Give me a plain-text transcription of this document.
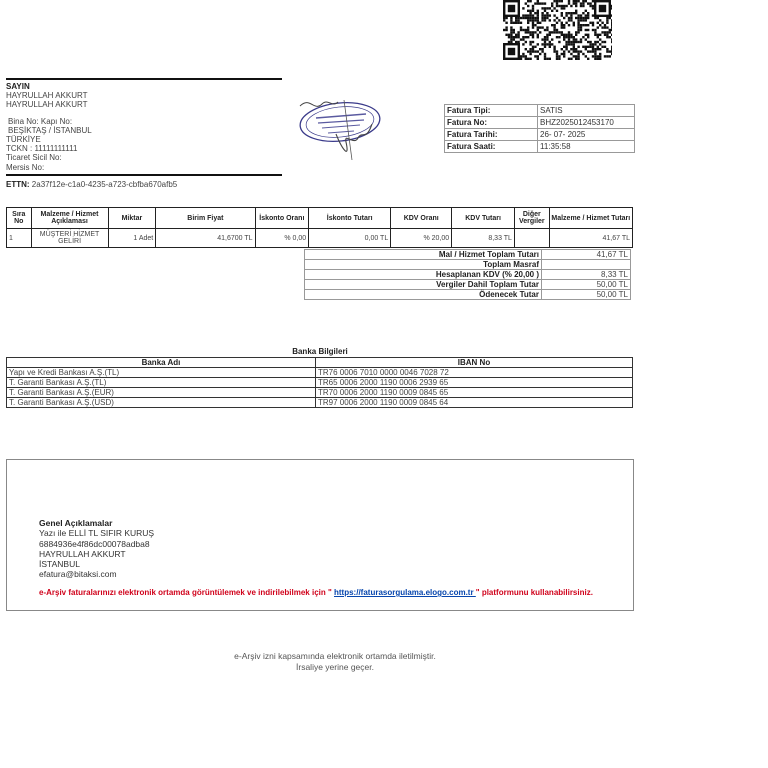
SAYIN
HAYRULLAH AKKURT
HAYRULLAH AKKURT
Bina No: Kapı No:
BEŞİKTAŞ / İSTANBUL
TÜRKİYE
TCKN : 11111111111
Ticaret Sicil No:
Mersis No:
ETTN: 2a37f12e-c1a0-4235-a723-cbfba670afb5
Fatura Tipi:	SATIS
Fatura No:	BHZ2025012453170
Fatura Tarihi:	26- 07- 2025
Fatura Saati:	11:35:58
Sıra No	Malzeme / Hizmet Açıklaması	Miktar	Birim Fiyat	İskonto Oranı	İskonto Tutarı	KDV Oranı	KDV Tutarı	Diğer Vergiler	Malzeme / Hizmet Tutarı
1	MÜŞTERİ HİZMET GELİRİ	1 Adet	41,6700 TL	% 0,00	0,00 TL	% 20,00	8,33 TL		41,67 TL
Mal / Hizmet Toplam Tutarı	41,67 TL
Toplam Masraf	
Hesaplanan KDV (% 20,00 )	8,33 TL
Vergiler Dahil Toplam Tutar	50,00 TL
Ödenecek Tutar	50,00 TL
Banka Bilgileri
Banka Adı	IBAN No
Yapı ve Kredi Bankası A.Ş.(TL)	TR76 0006 7010 0000 0046 7028 72
T. Garanti Bankası A.Ş.(TL)	TR65 0006 2000 1190 0006 2939 65
T. Garanti Bankası A.Ş.(EUR)	TR70 0006 2000 1190 0009 0845 65
T. Garanti Bankası A.Ş.(USD)	TR97 0006 2000 1190 0009 0845 64
Genel Açıklamalar
Yazı ile ELLİ TL SIFIR KURUŞ
6884936e4f86dc00078adba8
HAYRULLAH AKKURT
İSTANBUL
efatura@bitaksi.com
e-Arşiv faturalarınızı elektronik ortamda görüntülemek ve indirilebilmek için " https://faturasorgulama.elogo.com.tr " platformunu kullanabilirsiniz.
e-Arşiv izni kapsamında elektronik ortamda iletilmiştir.
İrsaliye yerine geçer.
